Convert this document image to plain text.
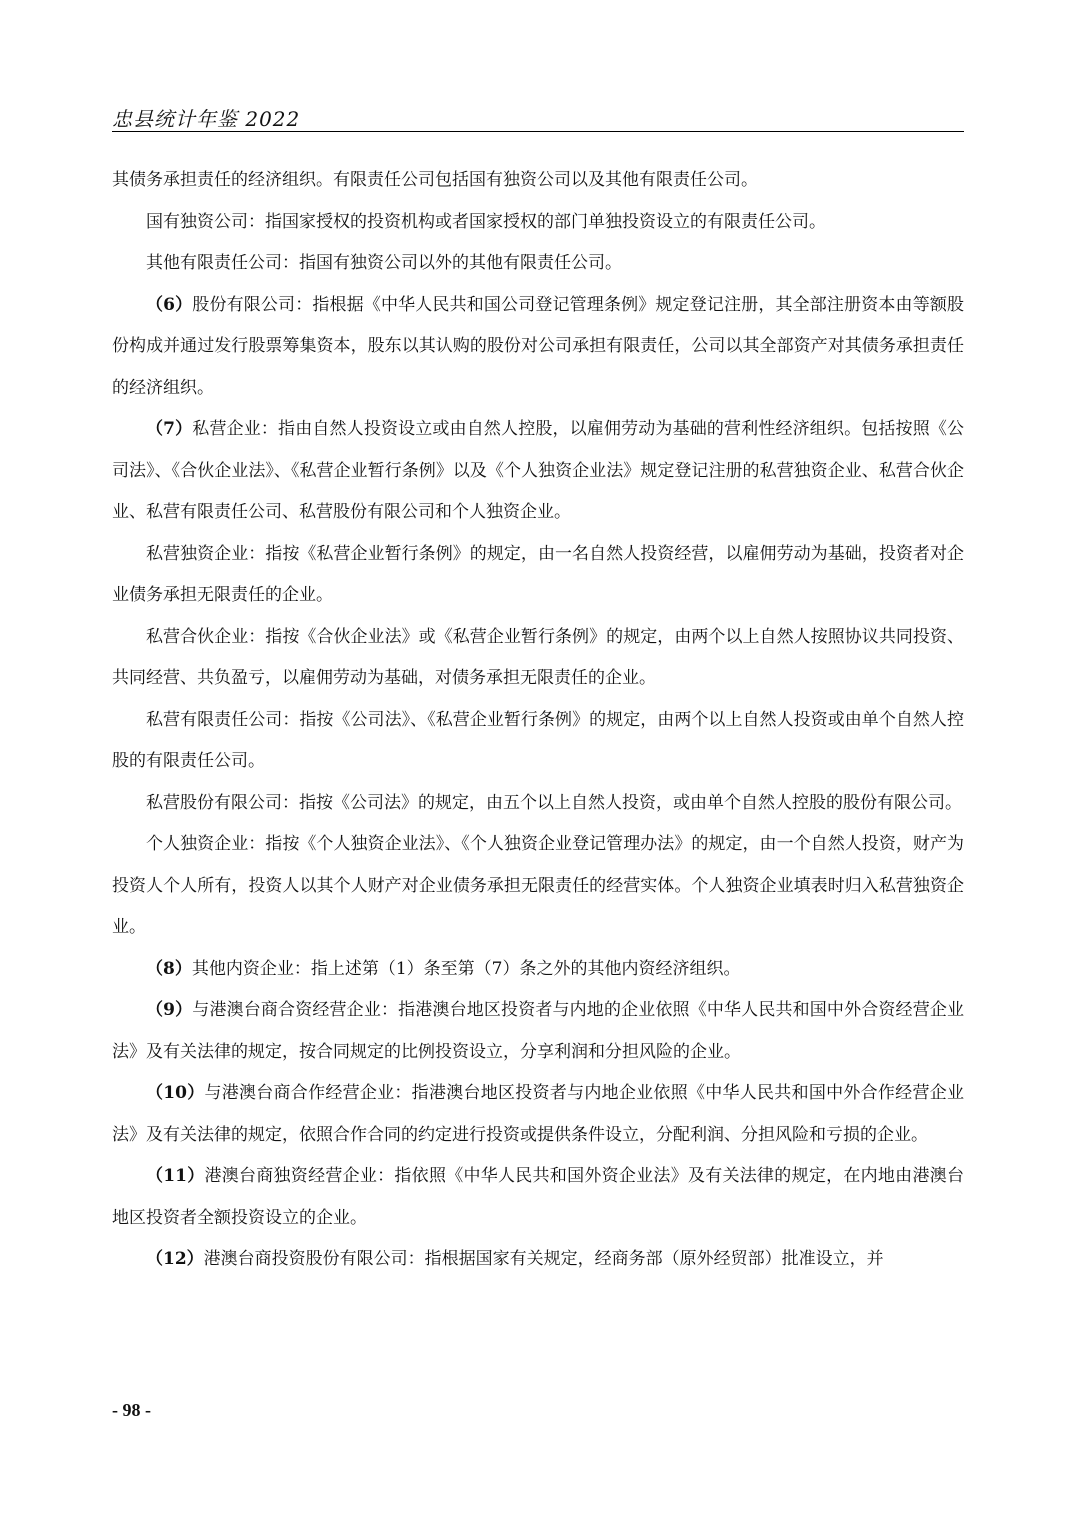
忠县统计年鉴 2022

其债务承担责任的经济组织。有限责任公司包括国有独资公司以及其他有限责任公司。

国有独资公司：指国家授权的投资机构或者国家授权的部门单独投资设立的有限责任公司。

其他有限责任公司：指国有独资公司以外的其他有限责任公司。

（6）股份有限公司：指根据《中华人民共和国公司登记管理条例》规定登记注册，其全部注册资本由等额股份构成并通过发行股票筹集资本，股东以其认购的股份对公司承担有限责任，公司以其全部资产对其债务承担责任的经济组织。

（7）私营企业：指由自然人投资设立或由自然人控股，以雇佣劳动为基础的营利性经济组织。包括按照《公司法》、《合伙企业法》、《私营企业暂行条例》以及《个人独资企业法》规定登记注册的私营独资企业、私营合伙企业、私营有限责任公司、私营股份有限公司和个人独资企业。

私营独资企业：指按《私营企业暂行条例》的规定，由一名自然人投资经营，以雇佣劳动为基础，投资者对企业债务承担无限责任的企业。

私营合伙企业：指按《合伙企业法》或《私营企业暂行条例》的规定，由两个以上自然人按照协议共同投资、共同经营、共负盈亏，以雇佣劳动为基础，对债务承担无限责任的企业。

私营有限责任公司：指按《公司法》、《私营企业暂行条例》的规定，由两个以上自然人投资或由单个自然人控股的有限责任公司。

私营股份有限公司：指按《公司法》的规定，由五个以上自然人投资，或由单个自然人控股的股份有限公司。

个人独资企业：指按《个人独资企业法》、《个人独资企业登记管理办法》的规定，由一个自然人投资，财产为投资人个人所有，投资人以其个人财产对企业债务承担无限责任的经营实体。个人独资企业填表时归入私营独资企业。

（8）其他内资企业：指上述第（1）条至第（7）条之外的其他内资经济组织。

（9）与港澳台商合资经营企业：指港澳台地区投资者与内地的企业依照《中华人民共和国中外合资经营企业法》及有关法律的规定，按合同规定的比例投资设立，分享利润和分担风险的企业。

（10）与港澳台商合作经营企业：指港澳台地区投资者与内地企业依照《中华人民共和国中外合作经营企业法》及有关法律的规定，依照合作合同的约定进行投资或提供条件设立，分配利润、分担风险和亏损的企业。

（11）港澳台商独资经营企业：指依照《中华人民共和国外资企业法》及有关法律的规定，在内地由港澳台地区投资者全额投资设立的企业。

（12）港澳台商投资股份有限公司：指根据国家有关规定，经商务部（原外经贸部）批准设立，并

- 98 -
